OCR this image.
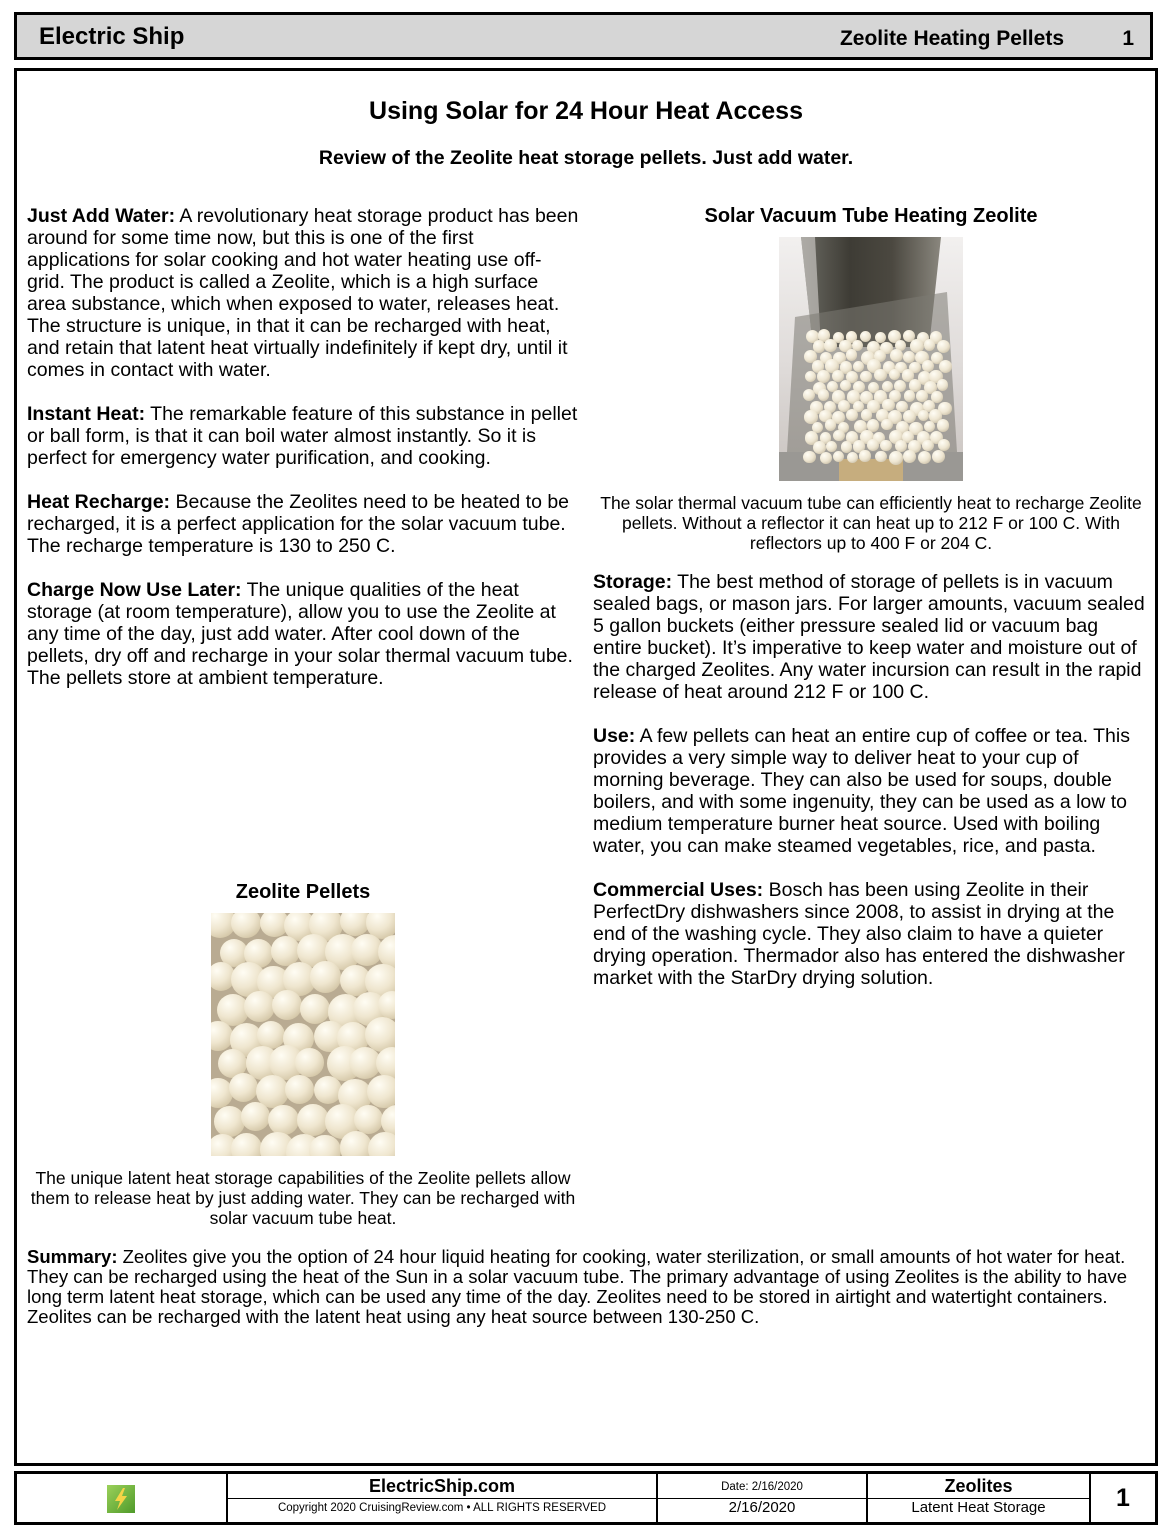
Electric Ship	Zeolite Heating Pellets	1
Using Solar for 24 Hour Heat Access
Review of the Zeolite heat storage pellets. Just add water.

Just Add Water: A revolutionary heat storage product has been around for some time now, but this is one of the first applications for solar cooking and hot water heating use off-grid. The product is called a Zeolite, which is a high surface area substance, which when exposed to water, releases heat. The structure is unique, in that it can be recharged with heat, and retain that latent heat virtually indefinitely if kept dry, until it comes in contact with water.

Instant Heat: The remarkable feature of this substance in pellet or ball form, is that it can boil water almost instantly. So it is perfect for emergency water purification, and cooking.

Heat Recharge: Because the Zeolites need to be heated to be recharged, it is a perfect application for the solar vacuum tube. The recharge temperature is 130 to 250 C.

Charge Now Use Later: The unique qualities of the heat storage (at room temperature), allow you to use the Zeolite at any time of the day, just add water. After cool down of the pellets, dry off and recharge in your solar thermal vacuum tube. The pellets store at ambient temperature.

Zeolite Pellets
The unique latent heat storage capabilities of the Zeolite pellets allow them to release heat by just adding water. They can be recharged with solar vacuum tube heat.
Solar Vacuum Tube Heating Zeolite
The solar thermal vacuum tube can efficiently heat to recharge Zeolite pellets. Without a reflector it can heat up to 212 F or 100 C. With reflectors up to 400 F or 204 C.

Storage: The best method of storage of pellets is in vacuum sealed bags, or mason jars. For larger amounts, vacuum sealed 5 gallon buckets (either pressure sealed lid or vacuum bag entire bucket). It’s imperative to keep water and moisture out of the charged Zeolites. Any water incursion can result in the rapid release of heat around 212 F or 100 C.

Use: A few pellets can heat an entire cup of coffee or tea. This provides a very simple way to deliver heat to your cup of morning beverage. They can also be used for soups, double boilers, and with some ingenuity, they can be used as a low to medium temperature burner heat source. Used with boiling water, you can make steamed vegetables, rice, and pasta.

Commercial Uses: Bosch has been using Zeolite in their PerfectDry dishwashers since 2008, to assist in drying at the end of the washing cycle. They also claim to have a quieter drying operation. Thermador also has entered the dishwasher market with the StarDry drying solution.

Summary: Zeolites give you the option of 24 hour liquid heating for cooking, water sterilization, or small amounts of hot water for heat. They can be recharged using the heat of the Sun in a solar vacuum tube. The primary advantage of using Zeolites is the ability to have long term latent heat storage, which can be used any time of the day. Zeolites need to be stored in airtight and watertight containers. Zeolites can be recharged with the latent heat using any heat source between 130-250 C.

ElectricShip.com
Copyright 2020 CruisingReview.com • ALL RIGHTS RESERVED
Date: 2/16/2020
2/16/2020
Zeolites
Latent Heat Storage	1
